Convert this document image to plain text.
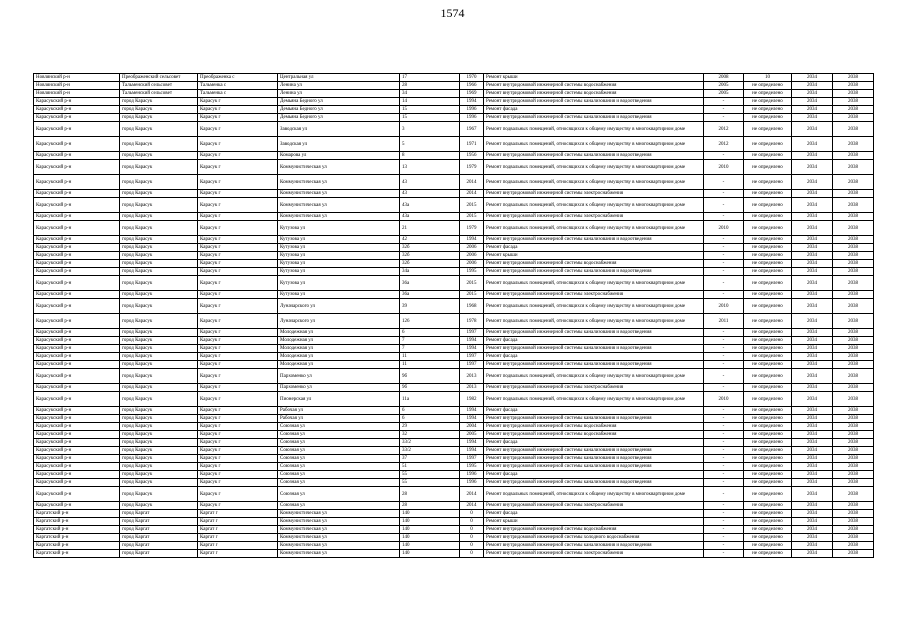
1574
Новлянский р-н	Преображенский сельсовет	Преображенка с	Центральная ул	17	1970	Ремонт крыши	2008	10	2034	2038
Новлянский р-н	Тальменский сельсовет	Тальменка с	Ленина ул	28	1966	Ремонт внутридомовой инженерной системы водоснабжения	2005	не определено	2034	2038
Новлянский р-н	Тальменский сельсовет	Тальменка с	Ленина ул	34	1969	Ремонт внутридомовой инженерной системы водоснабжения	2005	не определено	2034	2038
Карасукский р-н	город Карасук	Карасук г	Демьяна Бедного ул	14	1994	Ремонт внутридомовой инженерной системы канализования и водоотведения	-	не определено	2034	2038
Карасукский р-н	город Карасук	Карасук г	Демьяна Бедного ул	15	1996	Ремонт фасада	-	не определено	2034	2038
Карасукский р-н	город Карасук	Карасук г	Демьяна Бедного ул	15	1996	Ремонт внутридомовой инженерной системы канализования и водоотведения	-	не определено	2034	2038
Карасукский р-н	город Карасук	Карасук г	Заводская ул	3	1967	Ремонт подвальных помещений, относящихся к общему имуществу в многоквартирном доме	2012	не определено	2034	2038
Карасукский р-н	город Карасук	Карасук г	Заводская ул	5	1971	Ремонт подвальных помещений, относящихся к общему имуществу в многоквартирном доме	2012	не определено	2034	2038
Карасукский р-н	город Карасук	Карасук г	Комарова ул	8	1956	Ремонт внутридомовой инженерной системы канализования и водоотведения	-	не определено	2034	2038
Карасукский р-н	город Карасук	Карасук г	Коммунистическая ул	13	1979	Ремонт подвальных помещений, относящихся к общему имуществу в многоквартирном доме	2010	не определено	2034	2038
Карасукский р-н	город Карасук	Карасук г	Коммунистическая ул	43	2014	Ремонт подвальных помещений, относящихся к общему имуществу в многоквартирном доме	-	не определено	2034	2038
Карасукский р-н	город Карасук	Карасук г	Коммунистическая ул	43	2014	Ремонт внутридомовой инженерной системы электроснабжения	-	не определено	2034	2038
Карасукский р-н	город Карасук	Карасук г	Коммунистическая ул	43а	2015	Ремонт подвальных помещений, относящихся к общему имуществу в многоквартирном доме	-	не определено	2034	2038
Карасукский р-н	город Карасук	Карасук г	Коммунистическая ул	43а	2015	Ремонт внутридомовой инженерной системы электроснабжения	-	не определено	2034	2038
Карасукский р-н	город Карасук	Карасук г	Кутузова ул	21	1979	Ремонт подвальных помещений, относящихся к общему имуществу в многоквартирном доме	2010	не определено	2034	2038
Карасукский р-н	город Карасук	Карасук г	Кутузова ул	42	1994	Ремонт внутридомовой инженерной системы канализования и водоотведения	-	не определено	2034	2038
Карасукский р-н	город Карасук	Карасук г	Кутузова ул	32б	2006	Ремонт фасада	-	не определено	2034	2038
Карасукский р-н	город Карасук	Карасук г	Кутузова ул	32б	2006	Ремонт крыши	-	не определено	2034	2038
Карасукский р-н	город Карасук	Карасук г	Кутузова ул	32б	2006	Ремонт внутридомовой инженерной системы водоснабжения	-	не определено	2034	2038
Карасукский р-н	город Карасук	Карасук г	Кутузова ул	34а	1995	Ремонт внутридомовой инженерной системы канализования и водоотведения	-	не определено	2034	2038
Карасукский р-н	город Карасук	Карасук г	Кутузова ул	36а	2015	Ремонт подвальных помещений, относящихся к общему имуществу в многоквартирном доме	-	не определено	2034	2038
Карасукский р-н	город Карасук	Карасук г	Кутузова ул	36а	2015	Ремонт внутридомовой инженерной системы электроснабжения	-	не определено	2034	2038
Карасукский р-н	город Карасук	Карасук г	Луначарского ул	39	1968	Ремонт подвальных помещений, относящихся к общему имуществу в многоквартирном доме	2010	не определено	2034	2038
Карасукский р-н	город Карасук	Карасук г	Луначарского ул	126	1978	Ремонт подвальных помещений, относящихся к общему имуществу в многоквартирном доме	2011	не определено	2034	2038
Карасукский р-н	город Карасук	Карасук г	Молодежная ул	6	1997	Ремонт внутридомовой инженерной системы канализования и водоотведения	-	не определено	2034	2038
Карасукский р-н	город Карасук	Карасук г	Молодежная ул	7	1994	Ремонт фасада	-	не определено	2034	2038
Карасукский р-н	город Карасук	Карасук г	Молодежная ул	7	1994	Ремонт внутридомовой инженерной системы канализования и водоотведения	-	не определено	2034	2038
Карасукский р-н	город Карасук	Карасук г	Молодежная ул	11	1997	Ремонт фасада	-	не определено	2034	2038
Карасукский р-н	город Карасук	Карасук г	Молодежная ул	11	1997	Ремонт внутридомовой инженерной системы канализования и водоотведения	-	не определено	2034	2038
Карасукский р-н	город Карасук	Карасук г	Пархоменко ул	9б	2013	Ремонт подвальных помещений, относящихся к общему имуществу в многоквартирном доме	-	не определено	2034	2038
Карасукский р-н	город Карасук	Карасук г	Пархоменко ул	9б	2013	Ремонт внутридомовой инженерной системы электроснабжения	-	не определено	2034	2038
Карасукский р-н	город Карасук	Карасук г	Пионерская ул	11а	1982	Ремонт подвальных помещений, относящихся к общему имуществу в многоквартирном доме	2010	не определено	2034	2038
Карасукский р-н	город Карасук	Карасук г	Рабочая ул	6	1994	Ремонт фасада	-	не определено	2034	2038
Карасукский р-н	город Карасук	Карасук г	Рабочая ул	6	1994	Ремонт внутридомовой инженерной системы канализования и водоотведения	-	не определено	2034	2038
Карасукский р-н	город Карасук	Карасук г	Союзная ул	29	2004	Ремонт внутридомовой инженерной системы водоснабжения	-	не определено	2034	2038
Карасукский р-н	город Карасук	Карасук г	Союзная ул	32	2005	Ремонт внутридомовой инженерной системы водоснабжения	-	не определено	2034	2038
Карасукский р-н	город Карасук	Карасук г	Союзная ул	33/2	1994	Ремонт фасада	-	не определено	2034	2038
Карасукский р-н	город Карасук	Карасук г	Союзная ул	33/2	1994	Ремонт внутридомовой инженерной системы канализования и водоотведения	-	не определено	2034	2038
Карасукский р-н	город Карасук	Карасук г	Союзная ул	37	1997	Ремонт внутридомовой инженерной системы канализования и водоотведения	-	не определено	2034	2038
Карасукский р-н	город Карасук	Карасук г	Союзная ул	51	1995	Ремонт внутридомовой инженерной системы канализования и водоотведения	-	не определено	2034	2038
Карасукский р-н	город Карасук	Карасук г	Союзная ул	55	1996	Ремонт фасада	-	не определено	2034	2038
Карасукский р-н	город Карасук	Карасук г	Союзная ул	55	1996	Ремонт внутридомовой инженерной системы канализования и водоотведения	-	не определено	2034	2038
Карасукский р-н	город Карасук	Карасук г	Союзная ул	28	2014	Ремонт подвальных помещений, относящихся к общему имуществу в многоквартирном доме	-	не определено	2034	2038
Карасукский р-н	город Карасук	Карасук г	Союзная ул	28	2014	Ремонт внутридомовой инженерной системы электроснабжения	-	не определено	2034	2038
Каргатский р-н	город Каргат	Каргат г	Коммунистическая ул	140	0	Ремонт фасада	-	не определено	2034	2038
Каргатский р-н	город Каргат	Каргат г	Коммунистическая ул	140	0	Ремонт крыши	-	не определено	2034	2038
Каргатский р-н	город Каргат	Каргат г	Коммунистическая ул	140	0	Ремонт внутридомовой инженерной системы водоснабжения	-	не определено	2034	2038
Каргатский р-н	город Каргат	Каргат г	Коммунистическая ул	140	0	Ремонт внутридомовой инженерной системы холодного водоснабжения	-	не определено	2034	2038
Каргатский р-н	город Каргат	Каргат г	Коммунистическая ул	140	0	Ремонт внутридомовой инженерной системы канализования и водоотведения	-	не определено	2034	2038
Каргатский р-н	город Каргат	Каргат г	Коммунистическая ул	140	0	Ремонт внутридомовой инженерной системы электроснабжения	-	не определено	2034	2038
